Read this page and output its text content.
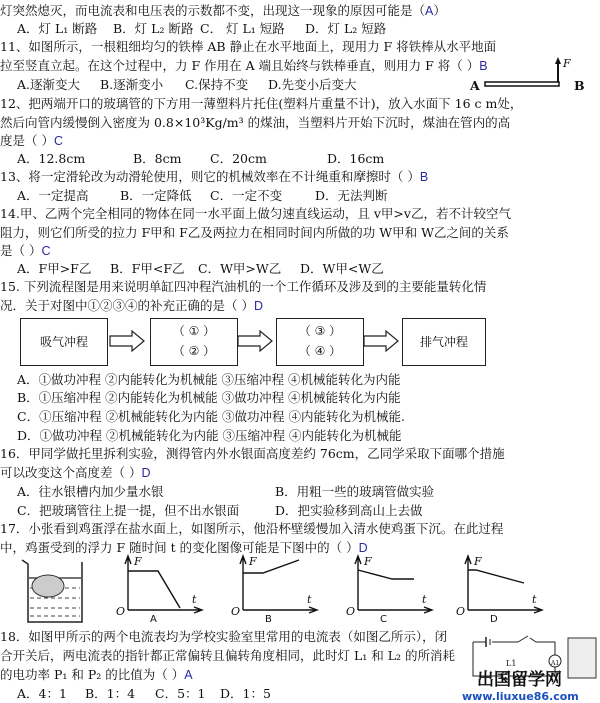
灯突然熄灭，而电流表和电压表的示数都不变，出现这一现象的原因可能是（A）
11、如图所示，一根粗细均匀的铁棒 AB 静止在水平地面上，现用力 F 将铁棒从水平地面
拉至竖直立起。在这个过程中，力 F 作用在 A 端且始终与铁棒垂直，则用力 F 将（ ）B
12、把两端开口的玻璃管的下方用一薄塑料片托住(塑料片重量不计)，放入水面下 16 c m处，
然后向管内缓慢倒入密度为 0.8×10³Kg/m³ 的煤油，当塑料片开始下沉时，煤油在管内的高
度是（ ）C
13、将一定滑轮改为动滑轮使用，则它的机械效率在不计绳重和摩擦时（ ）B
14.甲、乙两个完全相同的物体在同一水平面上做匀速直线运动，且 v甲>v乙，若不计较空气
阻力，则它们所受的拉力 F甲和 F乙及两拉力在相同时间内所做的功 W甲和 W乙之间的关系
是（ ）C
15. 下列流程图是用来说明单缸四冲程汽油机的一个工作循环及涉及到的主要能量转化情
况．关于对图中①②③④的补充正确的是（ ）D
16．甲同学做托里拆利实验，测得管内外水银面高度差约 76cm，乙同学采取下面哪个措施
可以改变这个高度差（ ）D
17．小张看到鸡蛋浮在盐水面上，如图所示，他沿杯壁缓慢加入清水使鸡蛋下沉。在此过程
中，鸡蛋受到的浮力 F 随时间 t 的变化图像可能是下图中的（ ）D
18．如图甲所示的两个电流表均为学校实验室里常用的电流表（如图乙所示），闭
合开关后，两电流表的指针都正常偏转且偏转角度相同，此时灯 L₁ 和 L₂ 的所消耗
的电功率 P₁ 和 P₂ 的比值为（ ）A
A．灯 L₁ 断路 B．灯 L₂ 断路 C． 灯 L₁ 短路 D．灯 L₂ 短路
A.逐渐变大 B.逐渐变小 C.保持不变 D.先变小后变大
A．12.8cm	B．8cm C．20cm	D．16cm
A．一定提高	B．一定降低 C．一定不变	D．无法判断
A．F甲>F乙 B．F甲<F乙 C．W甲>W乙 D．W甲<W乙
A．①做功冲程 ②内能转化为机械能 ③压缩冲程 ④机械能转化为内能
B．①压缩冲程 ②内能转化为机械能 ③做功冲程 ④机械能转化为内能
C．①压缩冲程 ②机械能转化为内能 ③做功冲程 ④内能转化为机械能.
D．①做功冲程 ②机械能转化为内能 ③压缩冲程 ④内能转化为机械能
A．往水银槽内加少量水银	B．用粗一些的玻璃管做实验
C．把玻璃管往上提一提，但不出水银面	D．把实验移到高山上去做
A．4：1 B．1：4 C．5：1 D．1：5
F
A	B
吸气冲程
（ ① ）
（ ② ）
（ ③ ）
（ ④ ）
排气冲程
F
t
O
A
F
t
O
B
F
t
O
C
F
t
O
D
A1
L1
出国留学网
www.liuxue86.com
